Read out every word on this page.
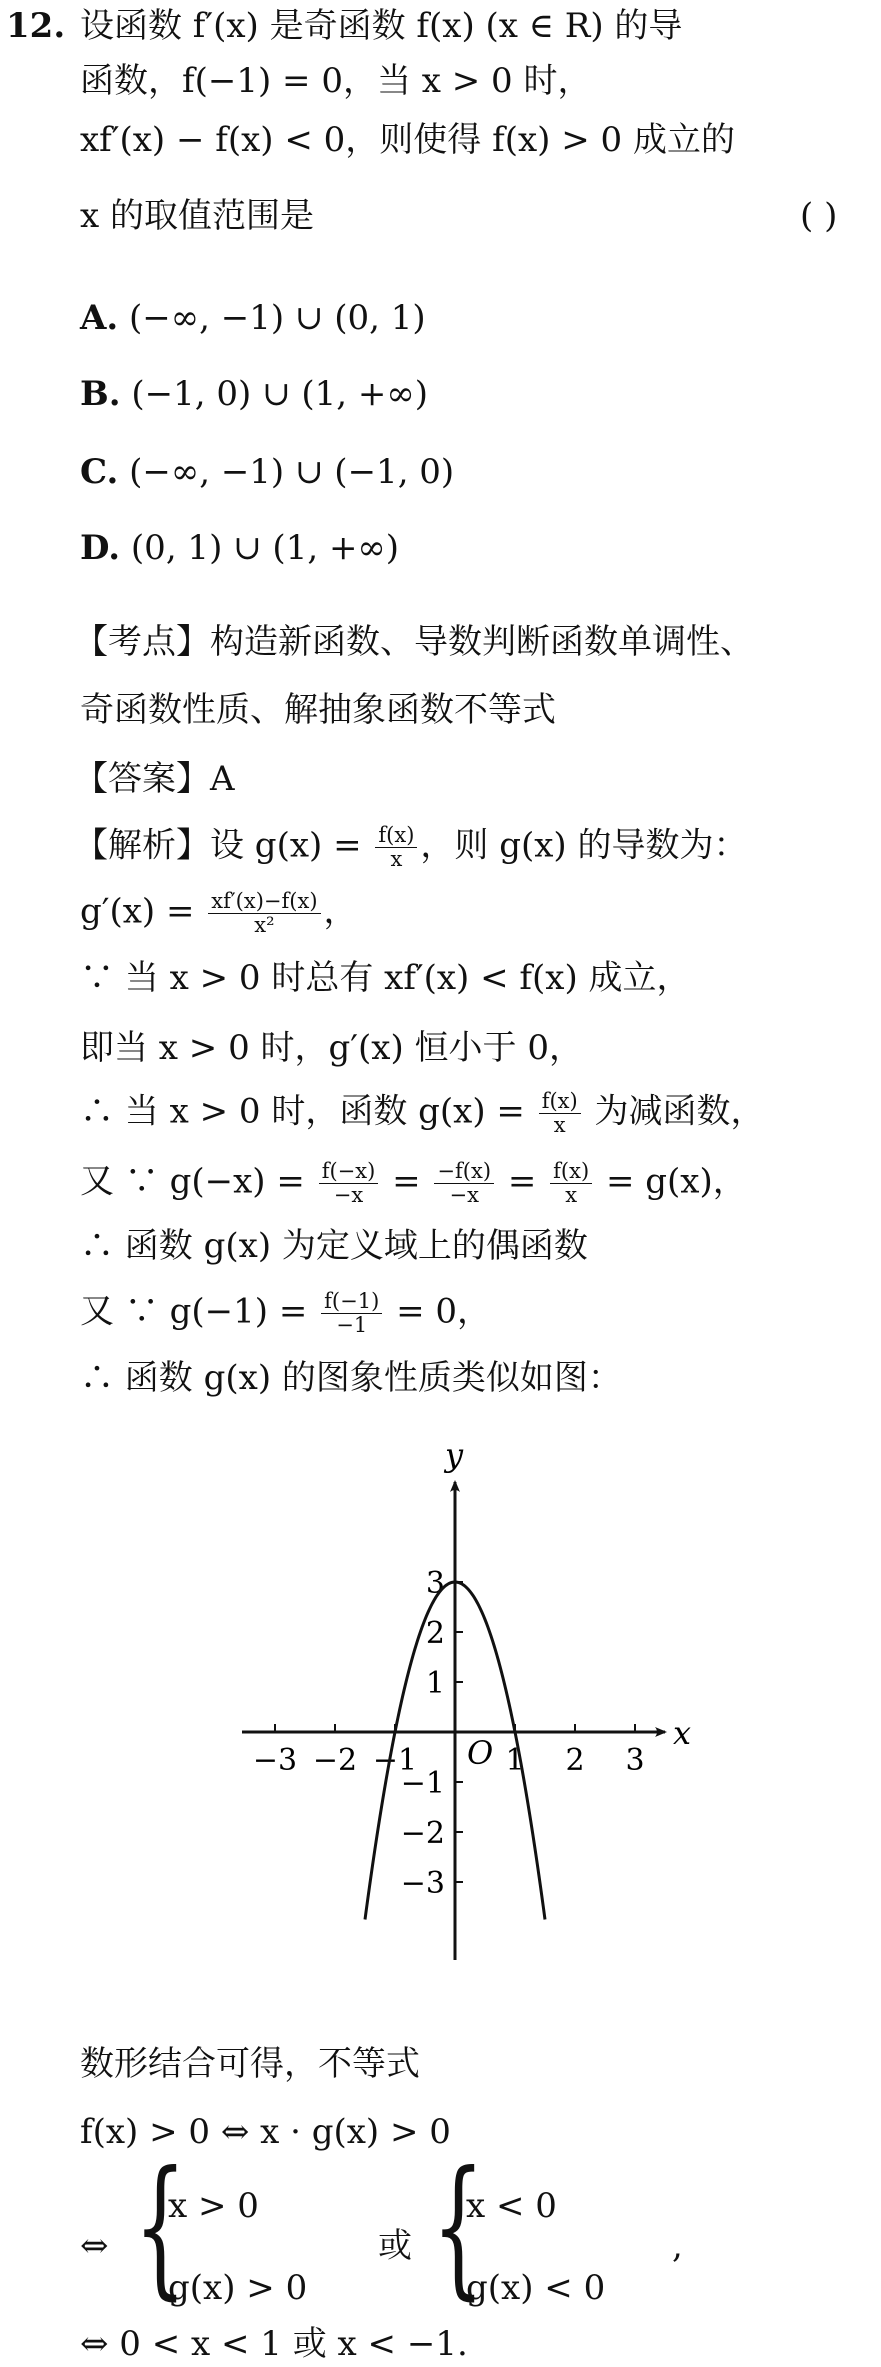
12. 设函数 f′(x) 是奇函数 f(x) (x ∈ R) 的导
函数，f(−1) = 0，当 x > 0 时，
xf′(x) − f(x) < 0，则使得 f(x) > 0 成立的
x 的取值范围是	( )
A. (−∞, −1) ∪ (0, 1)
B. (−1, 0) ∪ (1, +∞)
C. (−∞, −1) ∪ (−1, 0)
D. (0, 1) ∪ (1, +∞)
【考点】构造新函数、导数判断函数单调性、
奇函数性质、解抽象函数不等式
【答案】A
【解析】设 $g(x) = \frac{f(x)}{x}$ ，则 g(x) 的导数为：
$g'(x) = \frac{xf'(x)-f(x)}{\text{x²}}$ ，
∵ 当 x > 0 时总有 xf′(x) < f(x) 成立，
即当 x > 0 时，g′(x) 恒小于 0，
∴ 当 x > 0 时，函数 $g(x) = \frac{f(x)}{x}$ 为减函数，
又 ∵ $g(-x) = \frac{f(-x)}{-x} = \frac{-f(x)}{-x} = \frac{f(x)}{x} = g(x)$，
∴ 函数 g(x) 为定义域上的偶函数
又 ∵ $g(-1) = \frac{f(-1)}{-1} = 0$，
∴ 函数 g(x) 的图象性质类似如图：
−3 −2 −1	1 2 3
3
2
1
−1
−2
−3
x
y
O
数形结合可得，不等式
f(x) > 0 ⇔ x · g(x) > 0
⇔ {
x > 0
g(x) > 0
或 {
x < 0
g(x) < 0
,
⇔ 0 < x < 1 或 x < −1.
